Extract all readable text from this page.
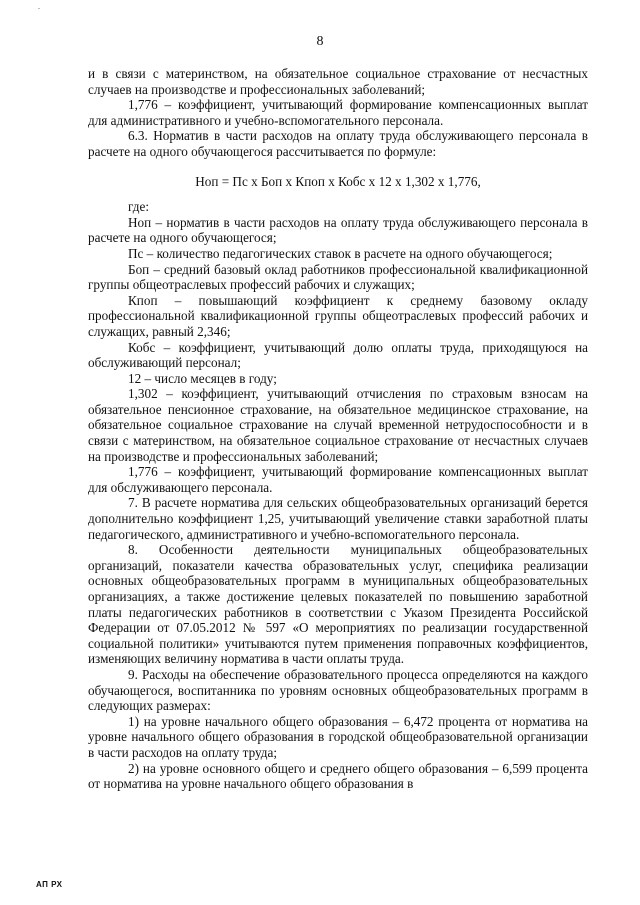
.
8

и в связи с материнством, на обязательное социальное страхование от несчастных случаев на производстве и профессиональных заболеваний;

1,776 – коэффициент, учитывающий формирование компенсационных выплат для административного и учебно-вспомогательного персонала.

6.3. Норматив в части расходов на оплату труда обслуживающего персонала в расчете на одного обучающегося рассчитывается по формуле:

Нoп = Пс х Боп х Кпоп х Кобс х 12 х 1,302 х 1,776,

где:

Ноп – норматив в части расходов на оплату труда обслуживающего персонала в расчете на одного обучающегося;

Пс – количество педагогических ставок в расчете на одного обучающегося;

Боп – средний базовый оклад работников профессиональной квалификационной группы общеотраслевых профессий рабочих и служащих;

Кпоп – повышающий коэффициент к среднему базовому окладу профессиональной квалификационной группы общеотраслевых профессий рабочих и служащих, равный 2,346;

Кобс – коэффициент, учитывающий долю оплаты труда, приходящуюся на обслуживающий персонал;

12 – число месяцев в году;

1,302 – коэффициент, учитывающий отчисления по страховым взносам на обязательное пенсионное страхование, на обязательное медицинское страхование, на обязательное социальное страхование на случай временной нетрудоспособности и в связи с материнством, на обязательное социальное страхование от несчастных случаев на производстве и профессиональных заболеваний;

1,776 – коэффициент, учитывающий формирование компенсационных выплат для обслуживающего персонала.

7. В расчете норматива для сельских общеобразовательных организаций берется дополнительно коэффициент 1,25, учитывающий увеличение ставки заработной платы педагогического, административного и учебно-вспомогательного персонала.

8. Особенности деятельности муниципальных общеобразовательных организаций, показатели качества образовательных услуг, специфика реализации основных общеобразовательных программ в муниципальных общеобразовательных организациях, а также достижение целевых показателей по повышению заработной платы педагогических работников в соответствии с Указом Президента Российской Федерации от 07.05.2012 № 597 «О мероприятиях по реализации государственной социальной политики» учитываются путем применения поправочных коэффициентов, изменяющих величину норматива в части оплаты труда.

9. Расходы на обеспечение образовательного процесса определяются на каждого обучающегося, воспитанника по уровням основных общеобразовательных программ в следующих размерах:

1) на уровне начального общего образования – 6,472 процента от норматива на уровне начального общего образования в городской общеобразовательной организации в части расходов на оплату труда;

2) на уровне основного общего и среднего общего образования – 6,599 процента от норматива на уровне начального общего образования в

АП РХ
